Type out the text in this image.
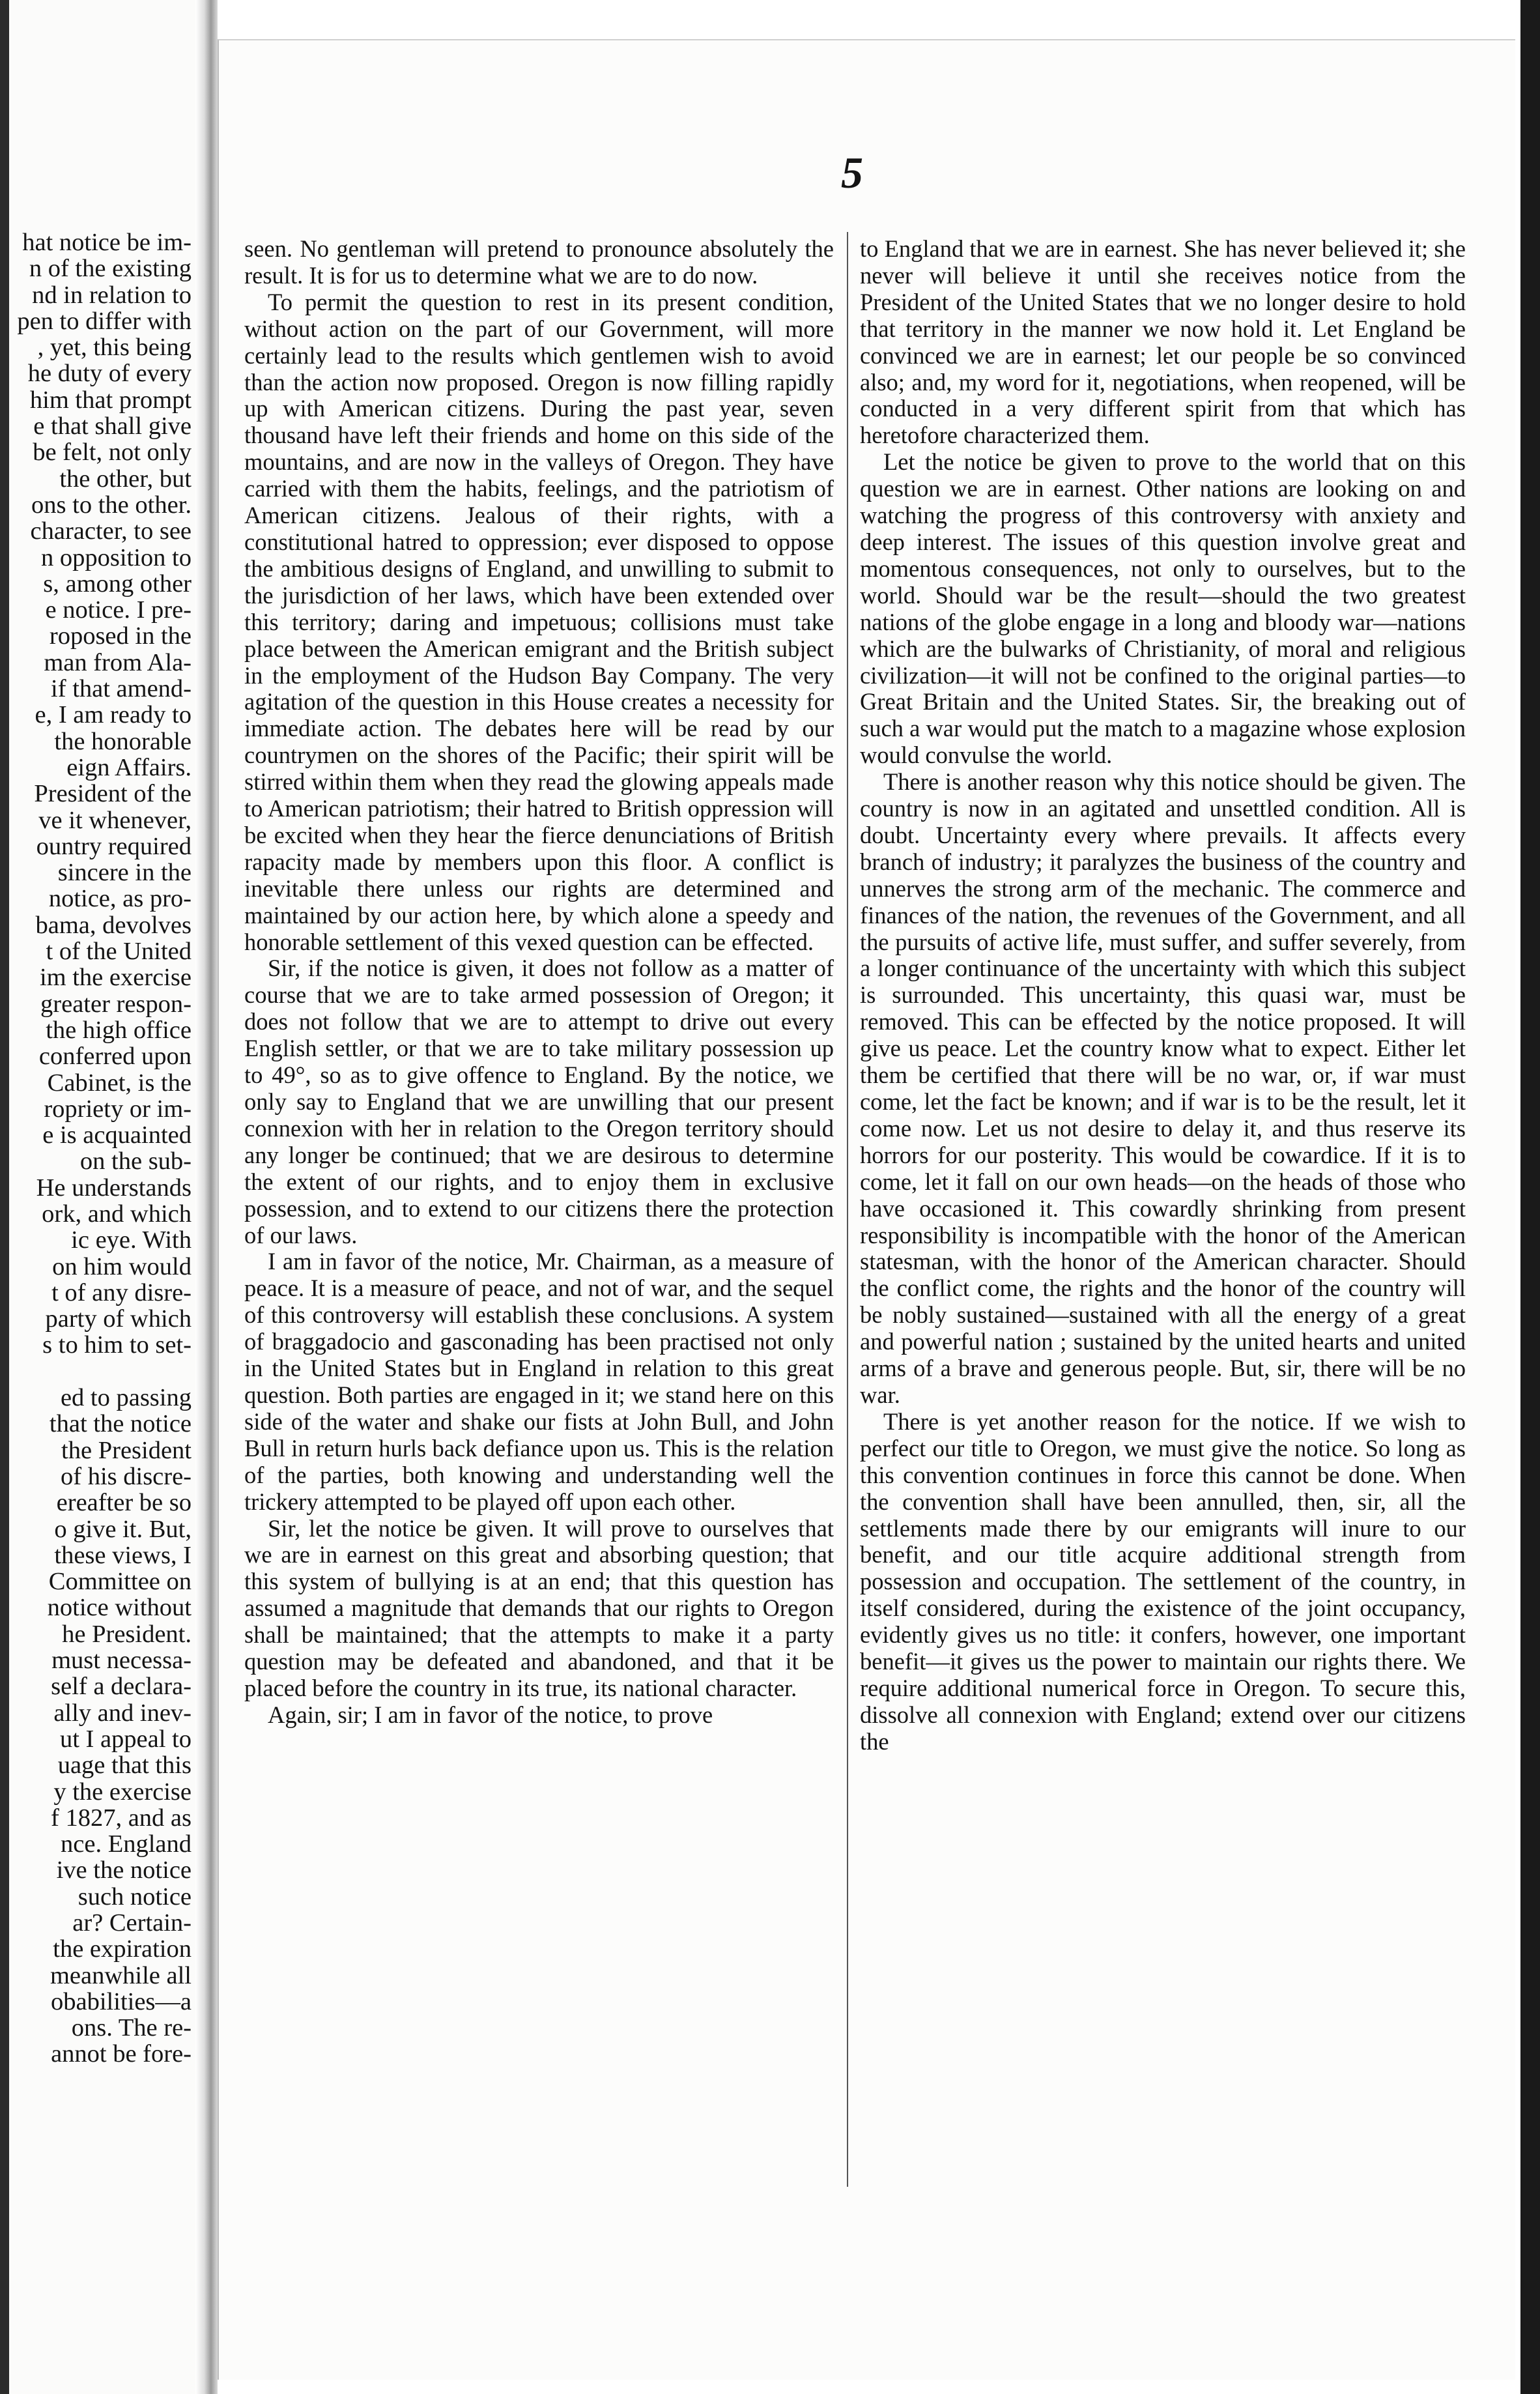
hat notice be im-

n of the existing

nd in relation to

pen to differ with

, yet, this being

he duty of every

him that prompt

e that shall give

be felt, not only

the other, but

ons to the other.

character, to see

n opposition to

s, among other

e notice. I pre-

roposed in the

man from Ala-

if that amend-

e, I am ready to

the honorable

eign Affairs.

President of the

ve it whenever,

ountry required

sincere in the

notice, as pro-

bama, devolves

t of the United

im the exercise

greater respon-

the high office

conferred upon

Cabinet, is the

ropriety or im-

e is acquainted

on the sub-

He understands

ork, and which

ic eye. With

on him would

t of any disre-

party of which

s to him to set-

ed to passing

that the notice

the President

of his discre-

ereafter be so

o give it. But,

these views, I

Committee on

notice without

he President.

must necessa-

self a declara-

ally and inev-

ut I appeal to

uage that this

y the exercise

f 1827, and as

nce. England

ive the notice

such notice

ar? Certain-

the expiration

meanwhile all

obabilities—a

ons. The re-

annot be fore-

5

seen. No gentleman will pretend to pronounce absolutely the result. It is for us to determine what we are to do now.

To permit the question to rest in its present condition, without action on the part of our Government, will more certainly lead to the results which gentlemen wish to avoid than the action now proposed. Oregon is now filling rapidly up with American citizens. During the past year, seven thousand have left their friends and home on this side of the mountains, and are now in the valleys of Oregon. They have carried with them the habits, feelings, and the patriotism of American citizens. Jealous of their rights, with a constitutional hatred to oppression; ever disposed to oppose the ambitious designs of England, and unwilling to submit to the jurisdiction of her laws, which have been extended over this territory; daring and impetuous; collisions must take place between the American emigrant and the British subject in the employment of the Hudson Bay Company. The very agitation of the question in this House creates a necessity for immediate action. The debates here will be read by our countrymen on the shores of the Pacific; their spirit will be stirred within them when they read the glowing appeals made to American patriotism; their hatred to British oppression will be excited when they hear the fierce denunciations of British rapacity made by members upon this floor. A conflict is inevitable there unless our rights are determined and maintained by our action here, by which alone a speedy and honorable settlement of this vexed question can be effected.

Sir, if the notice is given, it does not follow as a matter of course that we are to take armed possession of Oregon; it does not follow that we are to attempt to drive out every English settler, or that we are to take military possession up to 49°, so as to give offence to England. By the notice, we only say to England that we are unwilling that our present connexion with her in relation to the Oregon territory should any longer be continued; that we are desirous to determine the extent of our rights, and to enjoy them in exclusive possession, and to extend to our citizens there the protection of our laws.

I am in favor of the notice, Mr. Chairman, as a measure of peace. It is a measure of peace, and not of war, and the sequel of this controversy will establish these conclusions. A system of braggadocio and gasconading has been practised not only in the United States but in England in relation to this great question. Both parties are engaged in it; we stand here on this side of the water and shake our fists at John Bull, and John Bull in return hurls back defiance upon us. This is the relation of the parties, both knowing and understanding well the trickery attempted to be played off upon each other.

Sir, let the notice be given. It will prove to ourselves that we are in earnest on this great and absorbing question; that this system of bullying is at an end; that this question has assumed a magnitude that demands that our rights to Oregon shall be maintained; that the attempts to make it a party question may be defeated and abandoned, and that it be placed before the country in its true, its national character.

Again, sir; I am in favor of the notice, to prove

to England that we are in earnest. She has never believed it; she never will believe it until she receives notice from the President of the United States that we no longer desire to hold that territory in the manner we now hold it. Let England be convinced we are in earnest; let our people be so convinced also; and, my word for it, negotiations, when reopened, will be conducted in a very different spirit from that which has heretofore characterized them.

Let the notice be given to prove to the world that on this question we are in earnest. Other nations are looking on and watching the progress of this controversy with anxiety and deep interest. The issues of this question involve great and momentous consequences, not only to ourselves, but to the world. Should war be the result—should the two greatest nations of the globe engage in a long and bloody war—nations which are the bulwarks of Christianity, of moral and religious civilization—it will not be confined to the original parties—to Great Britain and the United States. Sir, the breaking out of such a war would put the match to a magazine whose explosion would convulse the world.

There is another reason why this notice should be given. The country is now in an agitated and unsettled condition. All is doubt. Uncertainty every where prevails. It affects every branch of industry; it paralyzes the business of the country and unnerves the strong arm of the mechanic. The commerce and finances of the nation, the revenues of the Government, and all the pursuits of active life, must suffer, and suffer severely, from a longer continuance of the uncertainty with which this subject is surrounded. This uncertainty, this quasi war, must be removed. This can be effected by the notice proposed. It will give us peace. Let the country know what to expect. Either let them be certified that there will be no war, or, if war must come, let the fact be known; and if war is to be the result, let it come now. Let us not desire to delay it, and thus reserve its horrors for our posterity. This would be cowardice. If it is to come, let it fall on our own heads—on the heads of those who have occasioned it. This cowardly shrinking from present responsibility is incompatible with the honor of the American statesman, with the honor of the American character. Should the conflict come, the rights and the honor of the country will be nobly sustained—sustained with all the energy of a great and powerful nation ; sustained by the united hearts and united arms of a brave and generous people. But, sir, there will be no war.

There is yet another reason for the notice. If we wish to perfect our title to Oregon, we must give the notice. So long as this convention continues in force this cannot be done. When the convention shall have been annulled, then, sir, all the settlements made there by our emigrants will inure to our benefit, and our title acquire additional strength from possession and occupation. The settlement of the country, in itself considered, during the existence of the joint occupancy, evidently gives us no title: it confers, however, one important benefit—it gives us the power to maintain our rights there. We require additional numerical force in Oregon. To secure this, dissolve all connexion with England; extend over our citizens the
